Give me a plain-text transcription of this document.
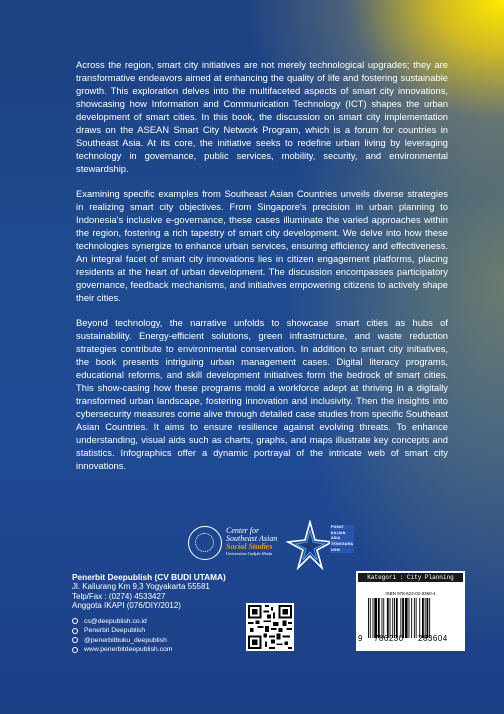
Across the region, smart city initiatives are not merely technological upgrades; they are transformative endeavors aimed at enhancing the quality of life and fostering sustainable growth. This exploration delves into the multifaceted aspects of smart city innovations, showcasing how Information and Communication Technology (ICT) shapes the urban development of smart cities. In this book, the discussion on smart city implementation draws on the ASEAN Smart City Network Program, which is a forum for countries in Southeast Asia. At its core, the initiative seeks to redefine urban living by leveraging technology in governance, public services, mobility, security, and environmental stewardship.

Examining specific examples from Southeast Asian Countries unveils diverse strategies in realizing smart city objectives. From Singapore's precision in urban planning to Indonesia's inclusive e-governance, these cases illuminate the varied approaches within the region, fostering a rich tapestry of smart city development. We delve into how these technologies synergize to enhance urban services, ensuring efficiency and effectiveness. An integral facet of smart city innovations lies in citizen engagement platforms, placing residents at the heart of urban development. The discussion encompasses participatory governance, feedback mechanisms, and initiatives empowering citizens to actively shape their cities.

Beyond technology, the narrative unfolds to showcase smart cities as hubs of sustainability. Energy-efficient solutions, green infrastructure, and waste reduction strategies contribute to environmental conservation. In addition to smart city initiatives, the book presents intriguing urban management cases. Digital literacy programs, educational reforms, and skill development initiatives form the bedrock of smart cities. This show-casing how these programs mold a workforce adept at thriving in a digitally transformed urban landscape, fostering innovation and inclusivity. Then the insights into cybersecurity measures come alive through detailed case studies from specific Southeast Asian Countries. It aims to ensure resilience against evolving threats. To enhance understanding, visual aids such as charts, graphs, and maps illustrate key concepts and statistics. Infographics offer a dynamic portrayal of the intricate web of smart city innovations.

Center for
Southeast Asian
Social Studies
Universitas Gadjah Mada
PUSAT
KAJIAN
ASIA
TENGGARA
UGM
Penerbit Deepublish (CV BUDI UTAMA)
Jl. Kaliurang Km 9,3 Yogyakarta 55581
Telp/Fax : (0274) 4533427
Anggota IKAPI (076/DIY/2012)
cs@deepublish.co.id
Penerbit Deepublish
@penerbitbuku_deepublish
www.penerbitdeepublish.com
Kategori : City Planning
ISBN 978-623-02-8360-4
9 786230 283604
